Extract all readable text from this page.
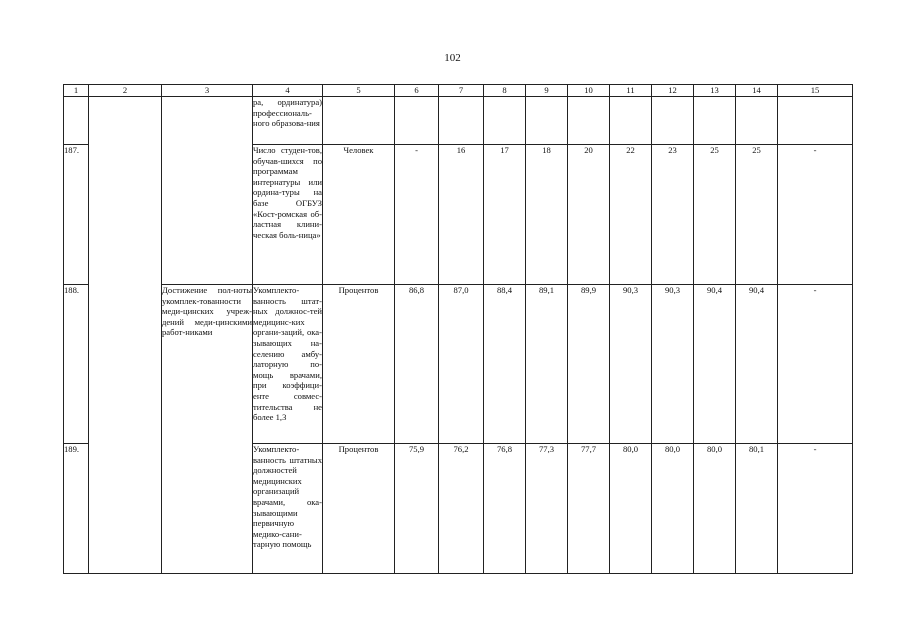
102
1	2	3	4	5	6	7	8	9	10	11	12	13	14	15
			ра, ординатура) профессиональ-ного образова-ния											
187.			Число студен-тов, обучав-шихся по программам интернатуры или ордина-туры на базе ОГБУЗ «Кост-ромская об-ластная клини-ческая боль-ница»	Человек	-	16	17	18	20	22	23	25	25	-
188.		Достижение пол-ноты укомплек-тованности меди-цинских учреж-дений меди-цинскими работ-никами	Укомплекто-ванность штат-ных должнос-тей медицинс-ких органи-заций, ока-зывающих на-селению амбу-латорную по-мощь врачами, при коэффици-енте совмес-тительства не более 1,3	Процентов	86,8	87,0	88,4	89,1	89,9	90,3	90,3	90,4	90,4	-
189.			Укомплекто-ванность штатных должностей медицинских организаций врачами, ока-зывающими первичную медико-сани-тарную помощь	Процентов	75,9	76,2	76,8	77,3	77,7	80,0	80,0	80,0	80,1	-
